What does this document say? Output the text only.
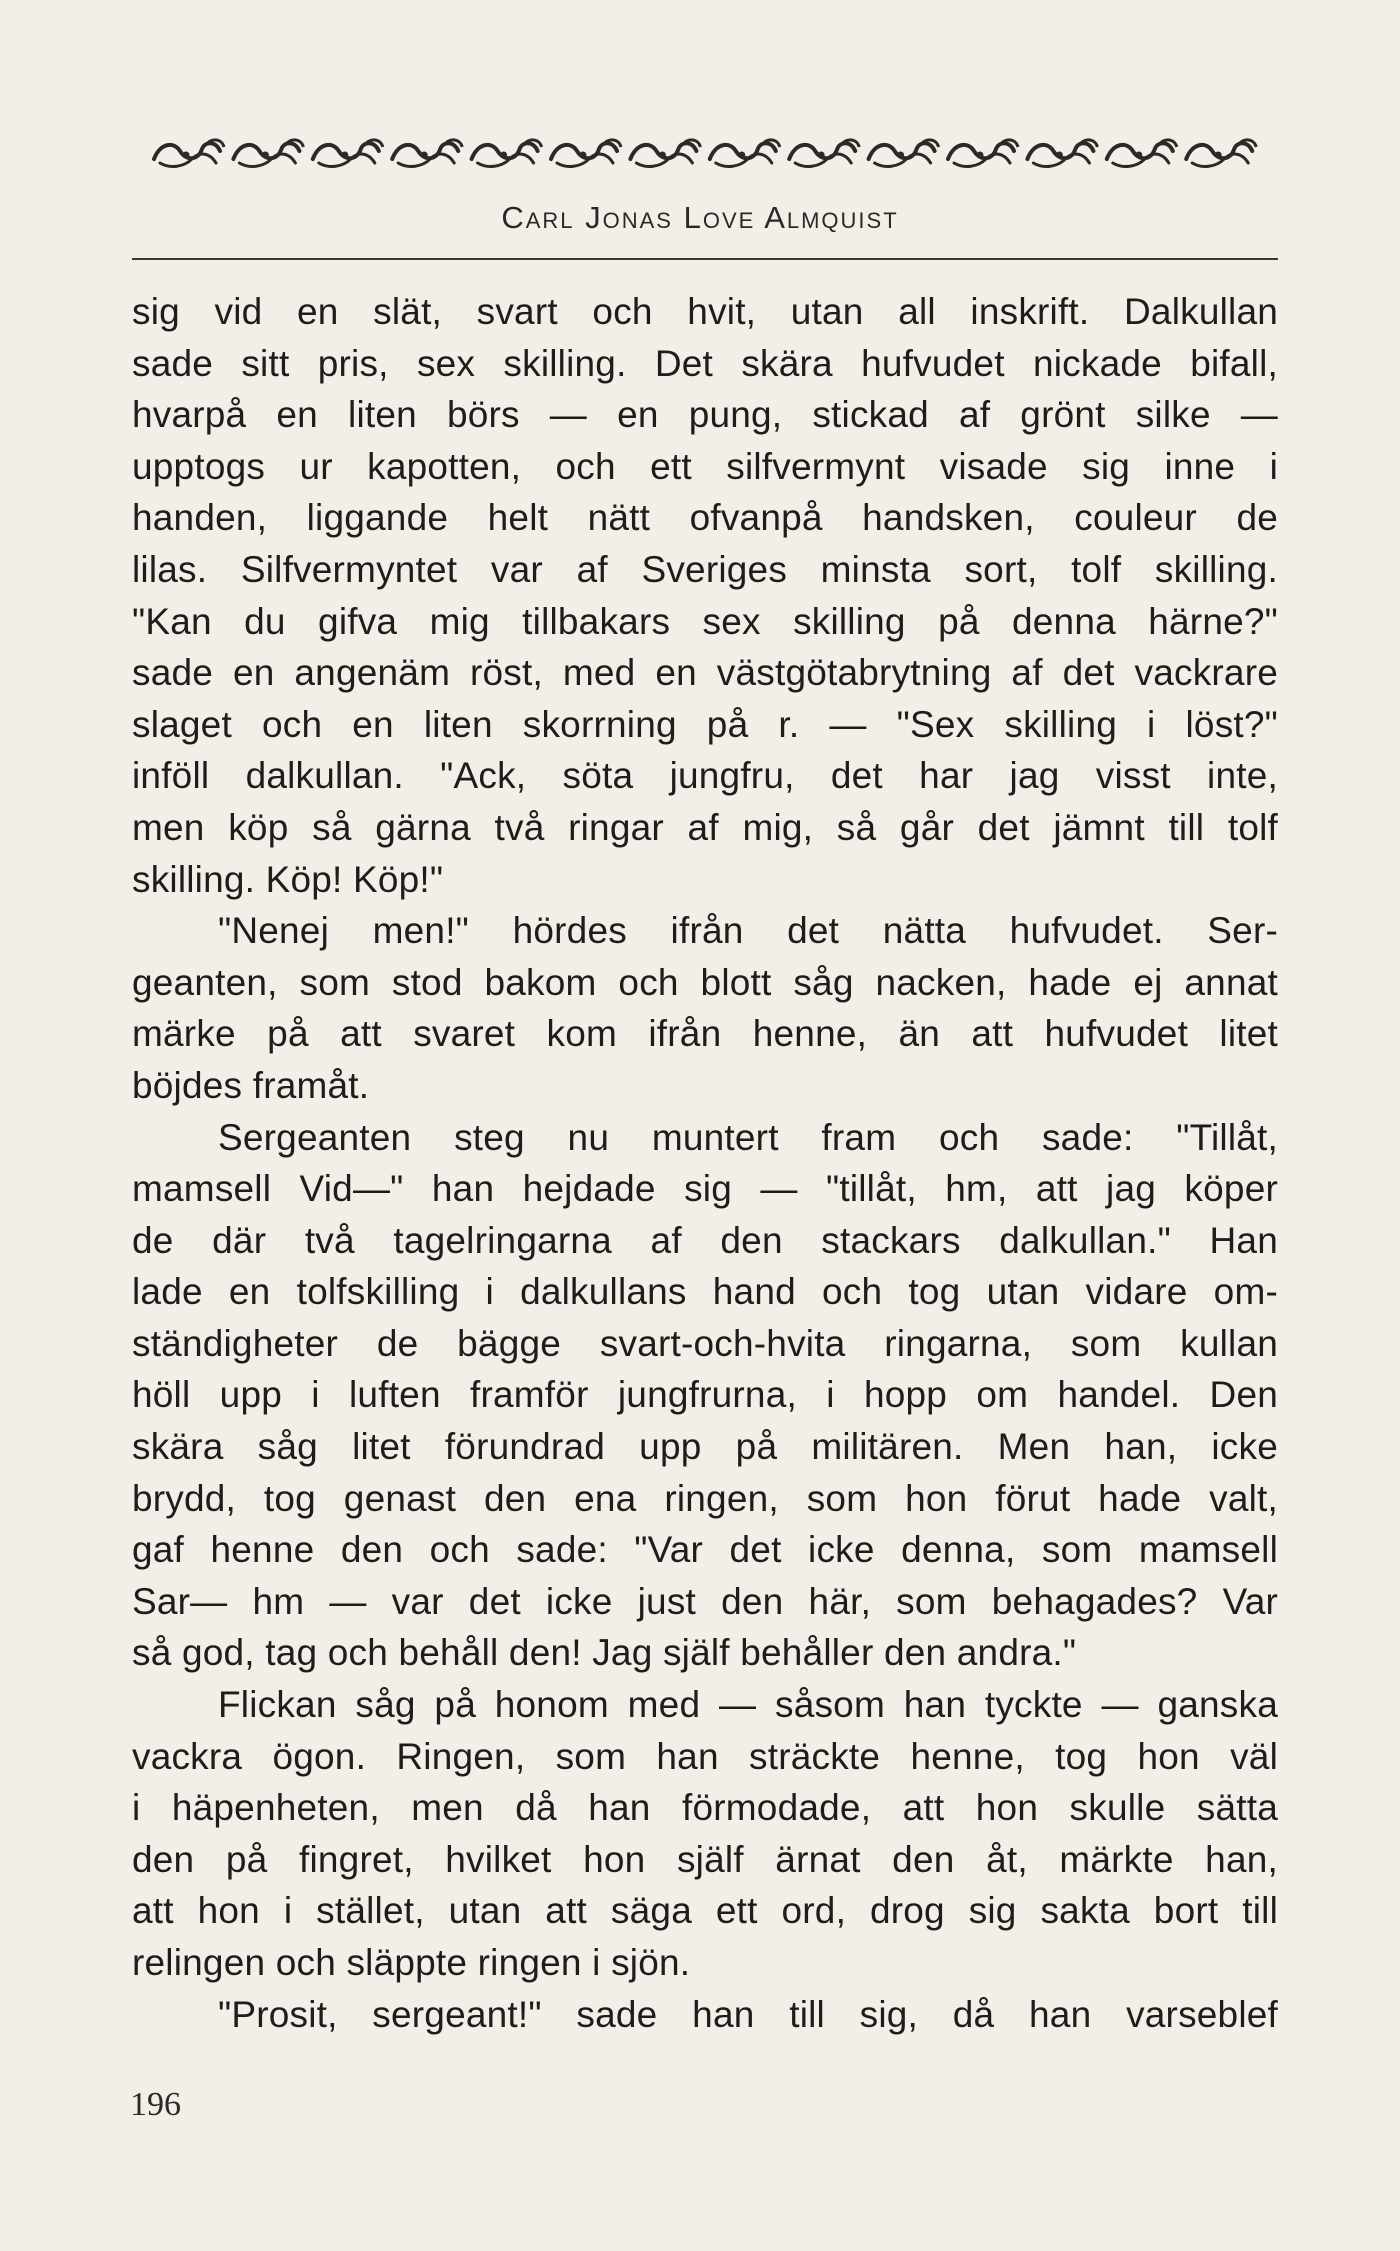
Carl Jonas Love Almquist
sig vid en slät, svart och hvit, utan all inskrift. Dalkullan
sade sitt pris, sex skilling. Det skära hufvudet nickade bifall,
hvarpå en liten börs — en pung, stickad af grönt silke —
upptogs ur kapotten, och ett silfvermynt visade sig inne i
handen, liggande helt nätt ofvanpå handsken, couleur de
lilas. Silfvermyntet var af Sveriges minsta sort, tolf skilling.
"Kan du gifva mig tillbakars sex skilling på denna härne?"
sade en angenäm röst, med en västgötabrytning af det vackrare
slaget och en liten skorrning på r. — "Sex skilling i löst?"
inföll dalkullan. "Ack, söta jungfru, det har jag visst inte,
men köp så gärna två ringar af mig, så går det jämnt till tolf
skilling. Köp! Köp!"
"Nenej men!" hördes ifrån det nätta hufvudet. Ser-
geanten, som stod bakom och blott såg nacken, hade ej annat
märke på att svaret kom ifrån henne, än att hufvudet litet
böjdes framåt.
Sergeanten steg nu muntert fram och sade: "Tillåt,
mamsell Vid—" han hejdade sig — "tillåt, hm, att jag köper
de där två tagelringarna af den stackars dalkullan." Han
lade en tolfskilling i dalkullans hand och tog utan vidare om-
ständigheter de bägge svart-och-hvita ringarna, som kullan
höll upp i luften framför jungfrurna, i hopp om handel. Den
skära såg litet förundrad upp på militären. Men han, icke
brydd, tog genast den ena ringen, som hon förut hade valt,
gaf henne den och sade: "Var det icke denna, som mamsell
Sar— hm — var det icke just den här, som behagades? Var
så god, tag och behåll den! Jag själf behåller den andra."
Flickan såg på honom med — såsom han tyckte — ganska
vackra ögon. Ringen, som han sträckte henne, tog hon väl
i häpenheten, men då han förmodade, att hon skulle sätta
den på fingret, hvilket hon själf ärnat den åt, märkte han,
att hon i stället, utan att säga ett ord, drog sig sakta bort till
relingen och släppte ringen i sjön.
"Prosit, sergeant!" sade han till sig, då han varseblef
196
